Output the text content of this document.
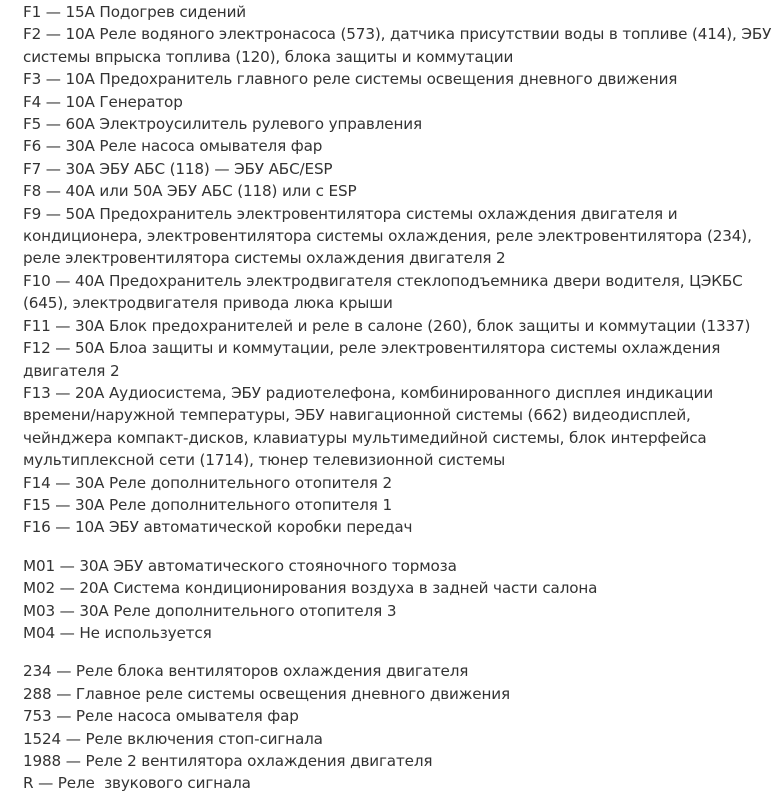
F1 — 15A Подогрев сидений

F2 — 10A Реле водяного электронасоса (573), датчика присутствии воды в топливе (414), ЭБУ
системы впрыска топлива (120), блока защиты и коммутации

F3 — 10A Предохранитель главного реле системы освещения дневного движения

F4 — 10A Генератор

F5 — 60A Электроусилитель рулевого управления

F6 — 30A Реле насоса омывателя фар

F7 — 30A ЭБУ АБС (118) — ЭБУ АБС/ESP

F8 — 40A или 50A ЭБУ АБС (118) или с ESP

F9 — 50A Предохранитель электровентилятора системы охлаждения двигателя и
кондиционера, электровентилятора системы охлаждения, реле электровентилятора (234),
реле электровентилятора системы охлаждения двигателя 2

F10 — 40A Предохранитель электродвигателя стеклоподъемника двери водителя, ЦЭКБС
(645), электродвигателя привода люка крыши

F11 — 30A Блок предохранителей и реле в салоне (260), блок защиты и коммутации (1337)

F12 — 50A Блоа защиты и коммутации, реле электровентилятора системы охлаждения
двигателя 2

F13 — 20A Аудиосистема, ЭБУ радиотелефона, комбинированного дисплея индикации
времени/наружной температуры, ЭБУ навигационной системы (662) видеодисплей,
чейнджера компакт-дисков, клавиатуры мультимедийной системы, блок интерфейса
мультиплексной сети (1714), тюнер телевизионной системы

F14 — 30A Реле дополнительного отопителя 2

F15 — 30A Реле дополнительного отопителя 1

F16 — 10A ЭБУ автоматической коробки передач

M01 — 30A ЭБУ автоматического стояночного тормоза

M02 — 20A Система кондиционирования воздуха в задней части салона

M03 — 30A Реле дополнительного отопителя 3

M04 — Не используется

234 — Реле блока вентиляторов охлаждения двигателя

288 — Главное реле системы освещения дневного движения

753 — Реле насоса омывателя фар

1524 — Реле включения стоп-сигнала

1988 — Реле 2 вентилятора охлаждения двигателя

R — Реле  звукового сигнала
